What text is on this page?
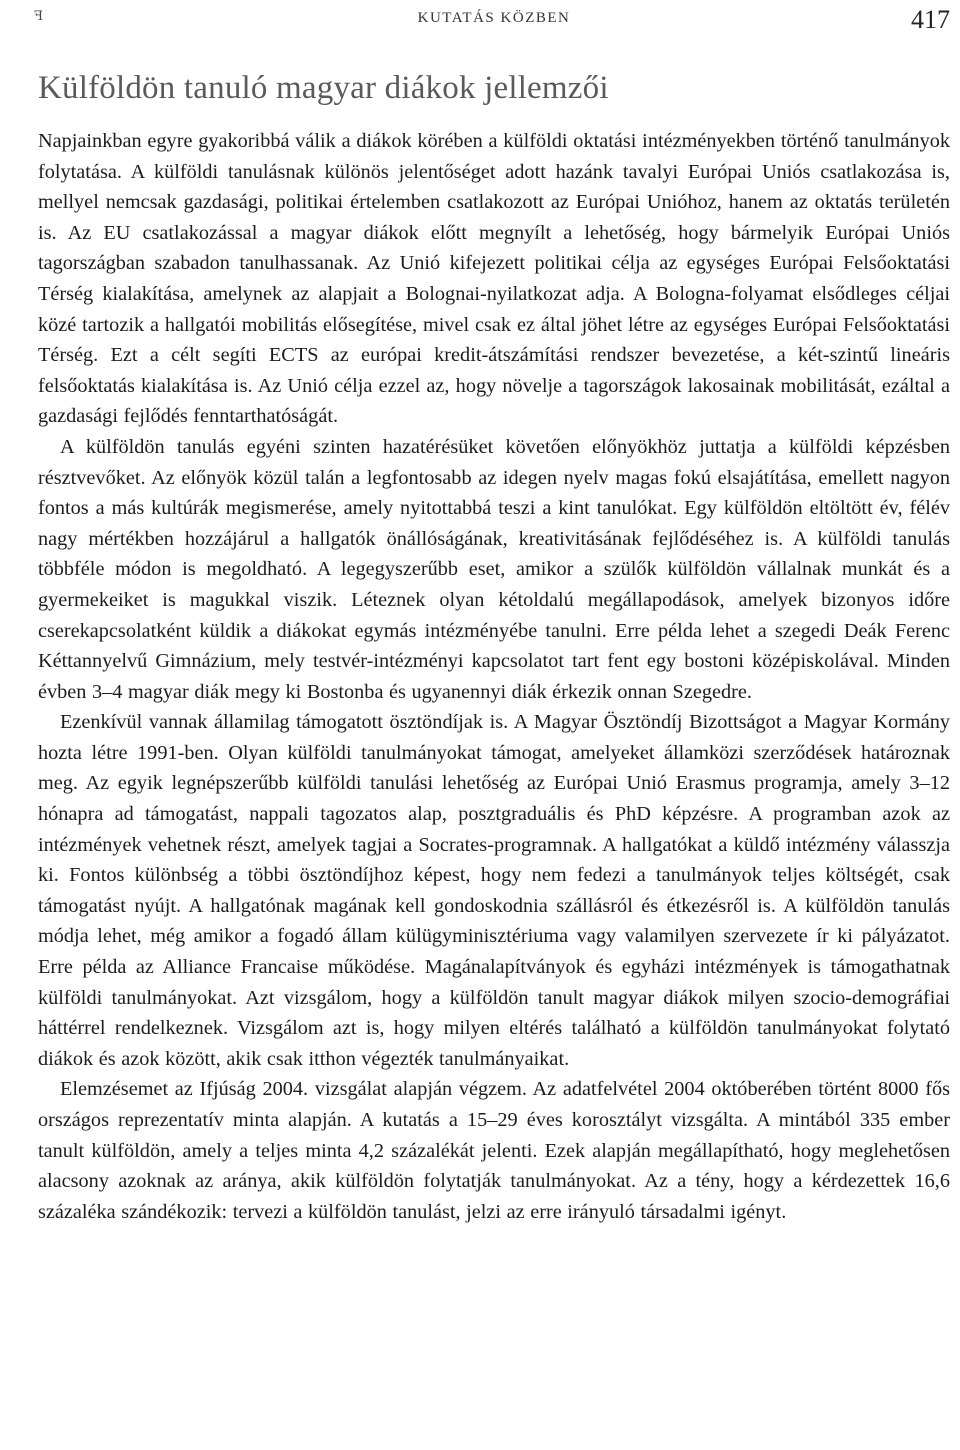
ꟻ	KUTATÁS KÖZBEN	417
Külföldön tanuló magyar diákok jellemzői

Napjainkban egyre gyakoribbá válik a diákok körében a külföldi oktatási intézményekben történő tanulmányok folytatása. A külföldi tanulásnak különös jelentőséget adott hazánk tavalyi Európai Uniós csatlakozása is, mellyel nemcsak gazdasági, politikai értelemben csatlakozott az Európai Unióhoz, hanem az oktatás területén is. Az EU csatlakozással a magyar diákok előtt megnyílt a lehetőség, hogy bármelyik Európai Uniós tagországban szabadon tanulhassanak. Az Unió kifejezett politikai célja az egységes Európai Felsőoktatási Térség kialakítása, amelynek az alapjait a Bolognai-nyilatkozat adja. A Bologna-folyamat elsődleges céljai közé tartozik a hallgatói mobilitás elősegítése, mivel csak ez által jöhet létre az egységes Európai Felsőoktatási Térség. Ezt a célt segíti ECTS az európai kredit-átszámítási rendszer bevezetése, a két-szintű lineáris felsőoktatás kialakítása is. Az Unió célja ezzel az, hogy növelje a tagországok lakosainak mobilitását, ezáltal a gazdasági fejlődés fenntarthatóságát.

A külföldön tanulás egyéni szinten hazatérésüket követően előnyökhöz juttatja a külföldi képzésben résztvevőket. Az előnyök közül talán a legfontosabb az idegen nyelv magas fokú elsajátítása, emellett nagyon fontos a más kultúrák megismerése, amely nyitottabbá teszi a kint tanulókat. Egy külföldön eltöltött év, félév nagy mértékben hozzájárul a hallgatók önállóságának, kreativitásának fejlődéséhez is. A külföldi tanulás többféle módon is megoldható. A legegyszerűbb eset, amikor a szülők külföldön vállalnak munkát és a gyermekeiket is magukkal viszik. Léteznek olyan kétoldalú megállapodások, amelyek bizonyos időre cserekapcsolatként küldik a diákokat egymás intézményébe tanulni. Erre példa lehet a szegedi Deák Ferenc Kéttannyelvű Gimnázium, mely testvér-intézményi kapcsolatot tart fent egy bostoni középiskolával. Minden évben 3–4 magyar diák megy ki Bostonba és ugyanennyi diák érkezik onnan Szegedre.

Ezenkívül vannak államilag támogatott ösztöndíjak is. A Magyar Ösztöndíj Bizottságot a Magyar Kormány hozta létre 1991-ben. Olyan külföldi tanulmányokat támogat, amelyeket államközi szerződések határoznak meg. Az egyik legnépszerűbb külföldi tanulási lehetőség az Európai Unió Erasmus programja, amely 3–12 hónapra ad támogatást, nappali tagozatos alap, posztgraduális és PhD képzésre. A programban azok az intézmények vehetnek részt, amelyek tagjai a Socrates-programnak. A hallgatókat a küldő intézmény válasszja ki. Fontos különbség a többi ösztöndíjhoz képest, hogy nem fedezi a tanulmányok teljes költségét, csak támogatást nyújt. A hallgatónak magának kell gondoskodnia szállásról és étkezésről is. A külföldön tanulás módja lehet, még amikor a fogadó állam külügyminisztériuma vagy valamilyen szervezete ír ki pályázatot. Erre példa az Alliance Francaise működése. Magánalapítványok és egyházi intézmények is támogathatnak külföldi tanulmányokat. Azt vizsgálom, hogy a külföldön tanult magyar diákok milyen szocio-demográfiai háttérrel rendelkeznek. Vizsgálom azt is, hogy milyen eltérés található a külföldön tanulmányokat folytató diákok és azok között, akik csak itthon végezték tanulmányaikat.

Elemzésemet az Ifjúság 2004. vizsgálat alapján végzem. Az adatfelvétel 2004 októberében történt 8000 fős országos reprezentatív minta alapján. A kutatás a 15–29 éves korosztályt vizsgálta. A mintából 335 ember tanult külföldön, amely a teljes minta 4,2 százalékát jelenti. Ezek alapján megállapítható, hogy meglehetősen alacsony azoknak az aránya, akik külföldön folytatják tanulmányokat. Az a tény, hogy a kérdezettek 16,6 százaléka szándékozik: tervezi a külföldön tanulást, jelzi az erre irányuló társadalmi igényt.
